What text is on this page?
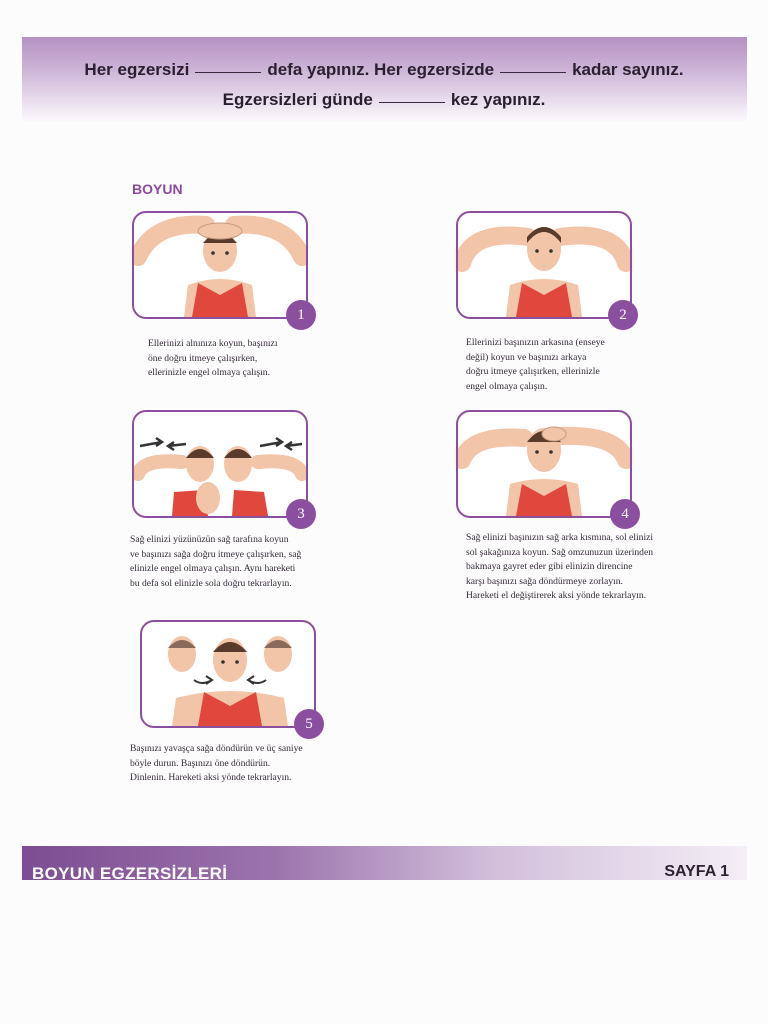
Her egzersizi	defa yapınız. Her egzersizde	kadar sayınız.
Egzersizleri günde	kez yapınız.
BOYUN
1
Ellerinizi alnınıza koyun, başınızı
öne doğru itmeye çalışırken,
ellerinizle engel olmaya çalışın.
2
Ellerinizi başınızın arkasına (enseye
değil) koyun ve başınızı arkaya
doğru itmeye çalışırken, ellerinizle
engel olmaya çalışın.
3
Sağ elinizi yüzünüzün sağ tarafına koyun
ve başınızı sağa doğru itmeye çalışırken, sağ
elinizle engel olmaya çalışın. Aynı hareketi
bu defa sol elinizle sola doğru tekrarlayın.
4
Sağ elinizi başınızın sağ arka kısmına, sol elinizi
sol şakağınıza koyun. Sağ omzunuzun üzerinden
bakmaya gayret eder gibi elinizin direncine
karşı başınızı sağa döndürmeye zorlayın.
Hareketi el değiştirerek aksi yönde tekrarlayın.
5
Başınızı yavaşça sağa döndürün ve üç saniye
böyle durun. Başınızı öne döndürün.
Dinlenin. Hareketi aksi yönde tekrarlayın.
BOYUN EGZERSİZLERİ	SAYFA 1
